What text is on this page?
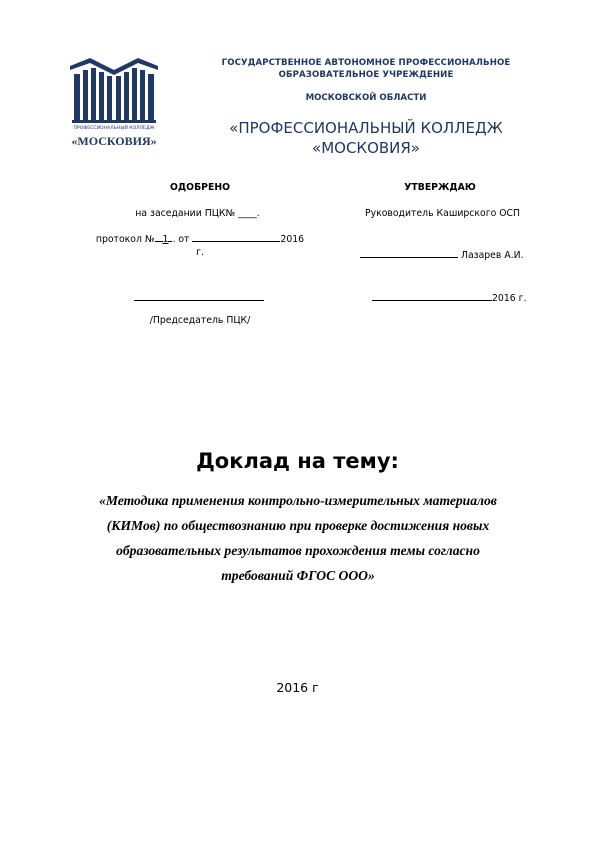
ПРОФЕССИОНАЛЬНЫЙ КОЛЛЕДЖ
«МОСКОВИЯ»
ГОСУДАРСТВЕННОЕ АВТОНОМНОЕ ПРОФЕССИОНАЛЬНОЕ
ОБРАЗОВАТЕЛЬНОЕ УЧРЕЖДЕНИЕ
МОСКОВСКОЙ ОБЛАСТИ
«ПРОФЕССИОНАЛЬНЫЙ КОЛЛЕДЖ
«МОСКОВИЯ»
ОДОБРЕНО
на заседании ПЦК№ ____.
протокол № 1 . от	2016
г.
/Председатель ПЦК/
УТВЕРЖДАЮ
Руководитель Каширского ОСП
Лазарев А.И.
2016 г.
Доклад на тему:
«Методика применения контрольно-измерительных материалов (КИМов) по обществознанию при проверке достижения новых образовательных результатов прохождения темы согласно требований ФГОС ООО»
2016 г
